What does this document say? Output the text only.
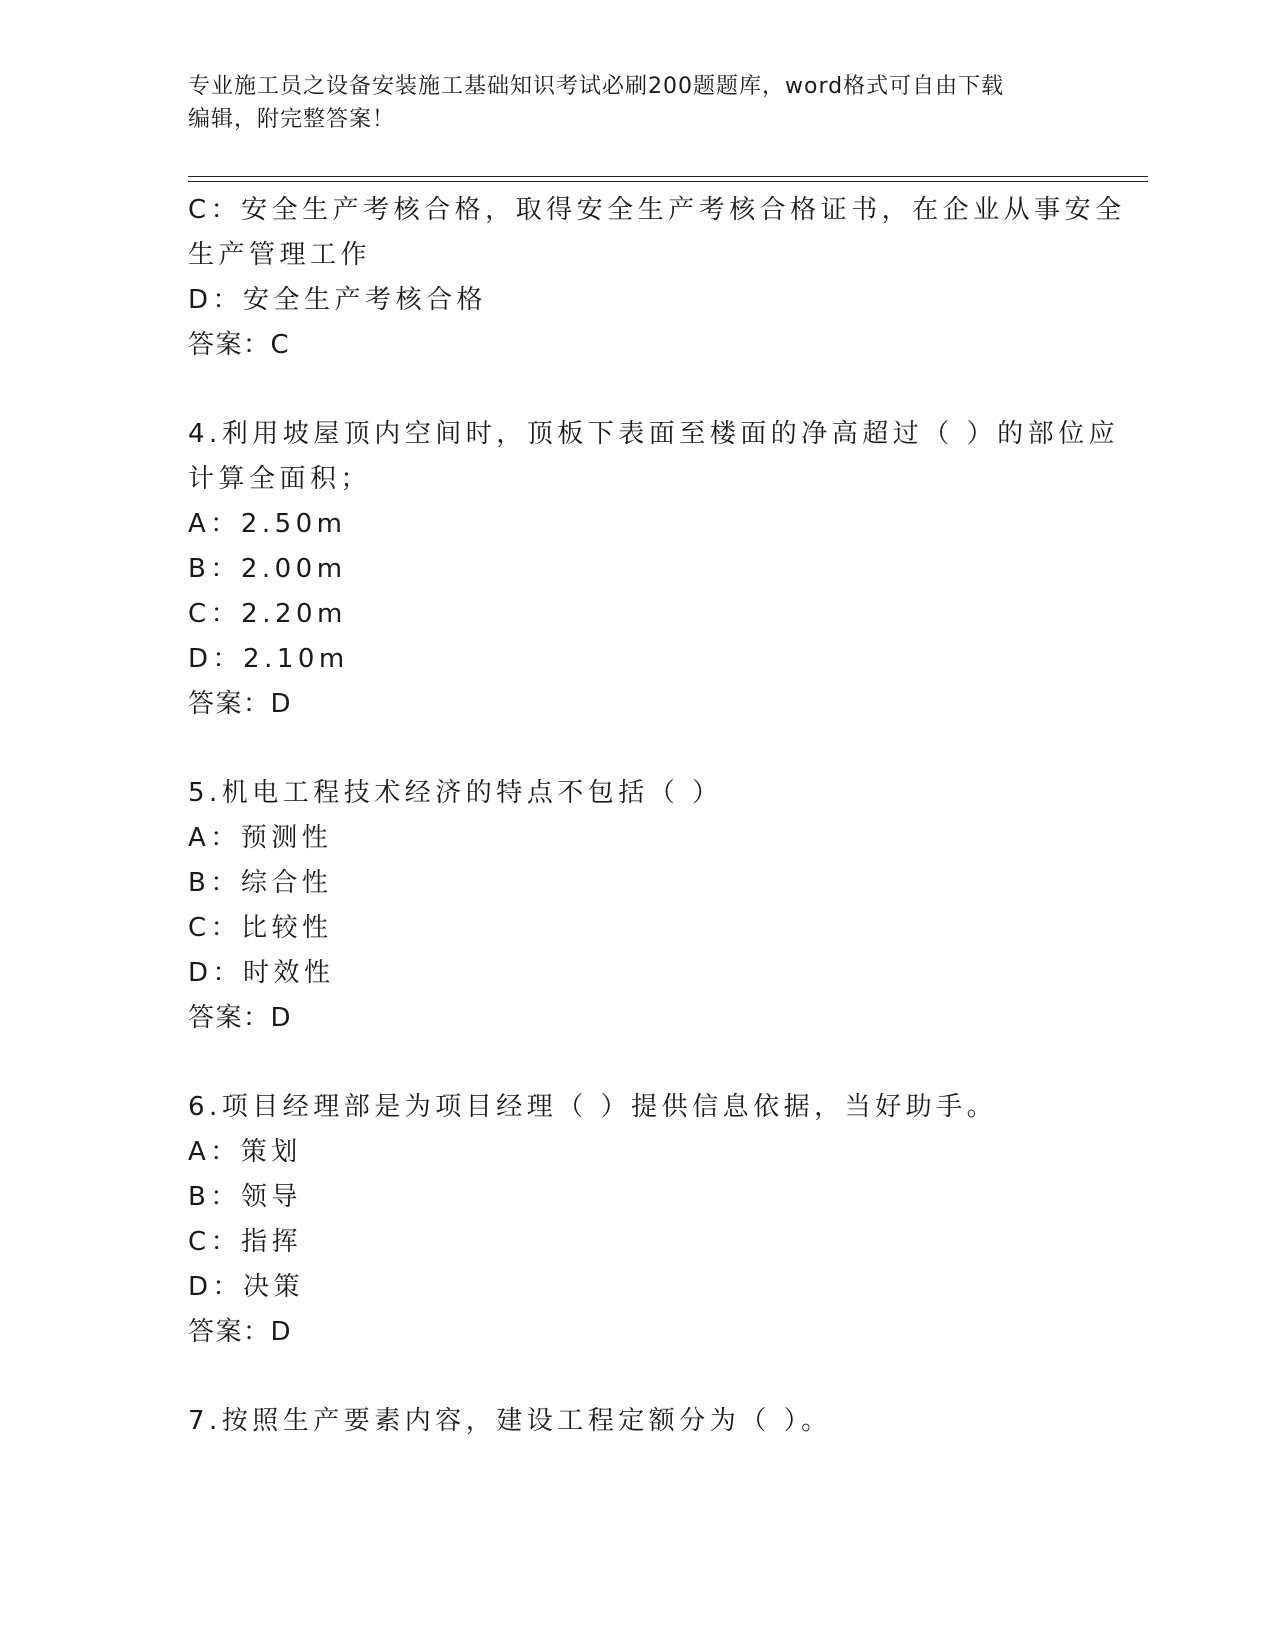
专业施工员之设备安装施工基础知识考试必刷200题题库，word格式可自由下载
编辑，附完整答案！
C：安全生产考核合格，取得安全生产考核合格证书，在企业从事安全
生产管理工作
D：安全生产考核合格
答案：C
4.利用坡屋顶内空间时，顶板下表面至楼面的净高超过（ ）的部位应
计算全面积；
A：2.50m
B：2.00m
C：2.20m
D：2.10m
答案：D
5.机电工程技术经济的特点不包括（ ）
A：预测性
B：综合性
C：比较性
D：时效性
答案：D
6.项目经理部是为项目经理（ ）提供信息依据，当好助手。
A：策划
B：领导
C：指挥
D：决策
答案：D
7.按照生产要素内容，建设工程定额分为（ ）。
